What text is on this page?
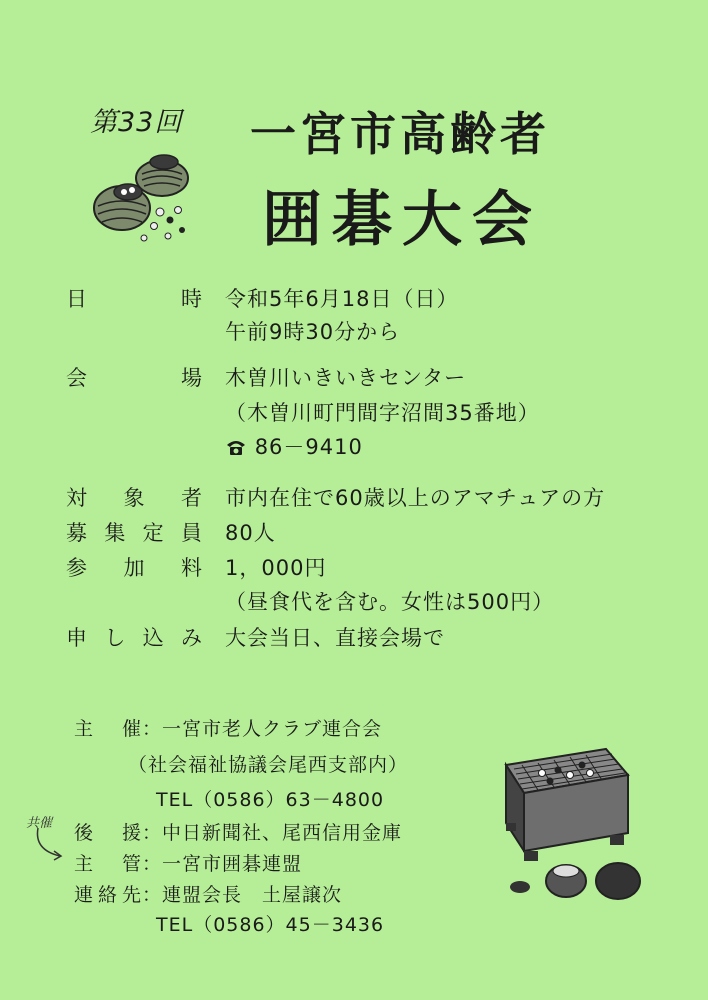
第33回 一宮市高齢者
囲碁大会
日	時 令和5年6月18日（日）
午前9時30分から
会	場 木曽川いきいきセンター
（木曽川町門間字沼間35番地）
86－9410
対 象 者 市内在住で60歳以上のアマチュアの方
募 集 定 員 80人
参 加 料 1，000円
（昼食代を含む。女性は500円）
申 し 込 み 大会当日、直接会場で
主 催 ：一宮市老人クラブ連合会
（社会福祉協議会尾西支部内）
TEL（0586）63－4800
共催 後 援 ：中日新聞社、尾西信用金庫
主 管 ：一宮市囲碁連盟
連 絡 先 ：連盟会長　土屋譲次
TEL（0586）45－3436
